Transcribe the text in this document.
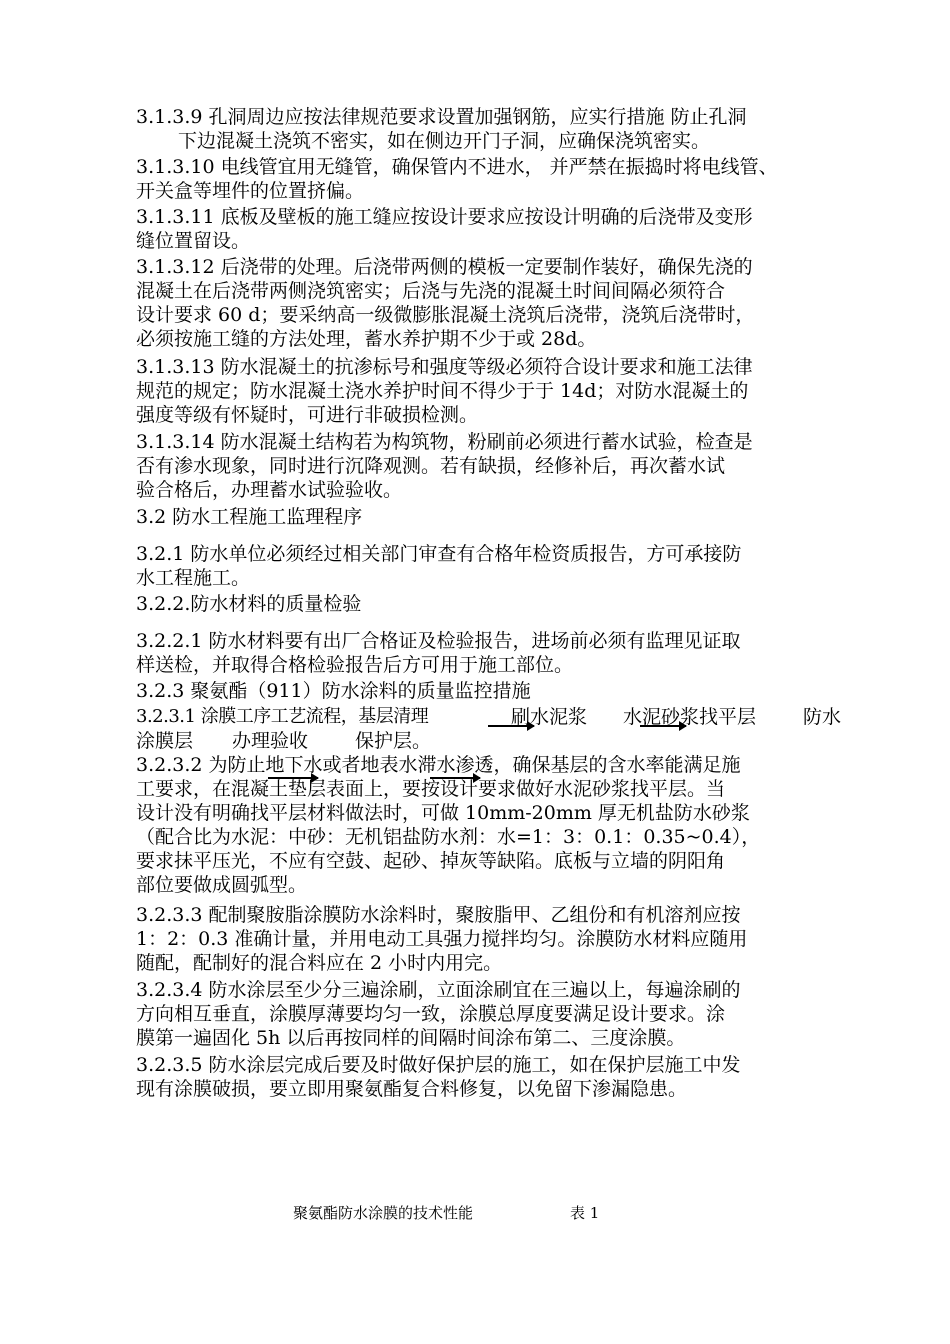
3.1.3.9 孔洞周边应按法律规范要求设置加强钢筋，应实行措施 防止孔洞
下边混凝土浇筑不密实，如在侧边开门子洞，应确保浇筑密实。
3.1.3.10 电线管宜用无缝管，确保管内不进水， 并严禁在振捣时将电线管、
开关盒等埋件的位置挤偏。
3.1.3.11 底板及壁板的施工缝应按设计要求应按设计明确的后浇带及变形
缝位置留设。
3.1.3.12 后浇带的处理。后浇带两侧的模板一定要制作装好，确保先浇的
混凝土在后浇带两侧浇筑密实；后浇与先浇的混凝土时间间隔必须符合
设计要求 60 d；要采纳高一级微膨胀混凝土浇筑后浇带，浇筑后浇带时，
必须按施工缝的方法处理，蓄水养护期不少于或 28d。
3.1.3.13 防水混凝土的抗渗标号和强度等级必须符合设计要求和施工法律
规范的规定；防水混凝土浇水养护时间不得少于于 14d；对防水混凝土的
强度等级有怀疑时，可进行非破损检测。
3.1.3.14 防水混凝土结构若为构筑物，粉刷前必须进行蓄水试验，检查是
否有渗水现象，同时进行沉降观测。若有缺损，经修补后，再次蓄水试
验合格后，办理蓄水试验验收。
3.2 防水工程施工监理程序
3.2.1 防水单位必须经过相关部门审查有合格年检资质报告，方可承接防
水工程施工。
3.2.2.防水材料的质量检验
3.2.2.1 防水材料要有出厂合格证及检验报告，进场前必须有监理见证取
样送检，并取得合格检验报告后方可用于施工部位。
3.2.3 聚氨酯（911）防水涂料的质量监控措施
3.2.3.1 涂膜工序工艺流程，基层清理	刷水泥浆 水泥砂浆找平层 防水
涂膜层 办理验收 保护层。
3.2.3.2 为防止地下水或者地表水滞水渗透，确保基层的含水率能满足施
工要求，在混凝土垫层表面上，要按设计要求做好水泥砂浆找平层。当
设计没有明确找平层材料做法时，可做 10mm-20mm 厚无机盐防水砂浆
（配合比为水泥：中砂：无机铝盐防水剂：水=1：3：0.1：0.35~0.4），
要求抹平压光，不应有空鼓、起砂、掉灰等缺陷。底板与立墙的阴阳角
部位要做成圆弧型。
3.2.3.3 配制聚胺脂涂膜防水涂料时，聚胺脂甲、乙组份和有机溶剂应按
1：2：0.3 准确计量，并用电动工具强力搅拌均匀。涂膜防水材料应随用
随配，配制好的混合料应在 2 小时内用完。
3.2.3.4 防水涂层至少分三遍涂刷，立面涂刷宜在三遍以上，每遍涂刷的
方向相互垂直，涂膜厚薄要均匀一致，涂膜总厚度要满足设计要求。涂
膜第一遍固化 5h 以后再按同样的间隔时间涂布第二、三度涂膜。
3.2.3.5 防水涂层完成后要及时做好保护层的施工，如在保护层施工中发
现有涂膜破损，要立即用聚氨酯复合料修复，以免留下渗漏隐患。
聚氨酯防水涂膜的技术性能	表 1
